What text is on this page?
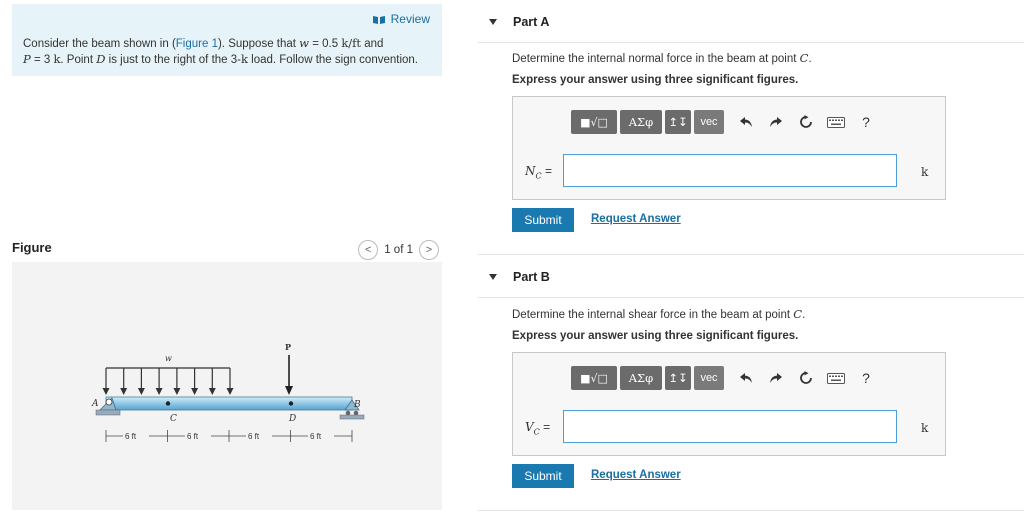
Review
Consider the beam shown in (Figure 1). Suppose that w = 0.5 k/ft and
P = 3 k. Point D is just to the right of the 3-k load. Follow the sign convention.
Figure	<	1 of 1	>
w
P
A	B
C	D
6 ft	6 ft	6 ft	6 ft
Part A
Determine the internal normal force in the beam at point C.
Express your answer using three significant figures.
■√□	ΑΣφ	↥↧	vec	?
$N_C$ =	k
Submit	Request Answer
Part B
Determine the internal shear force in the beam at point C.
Express your answer using three significant figures.
■√□	ΑΣφ	↥↧	vec	?
$V_C$ =	k
Submit	Request Answer
